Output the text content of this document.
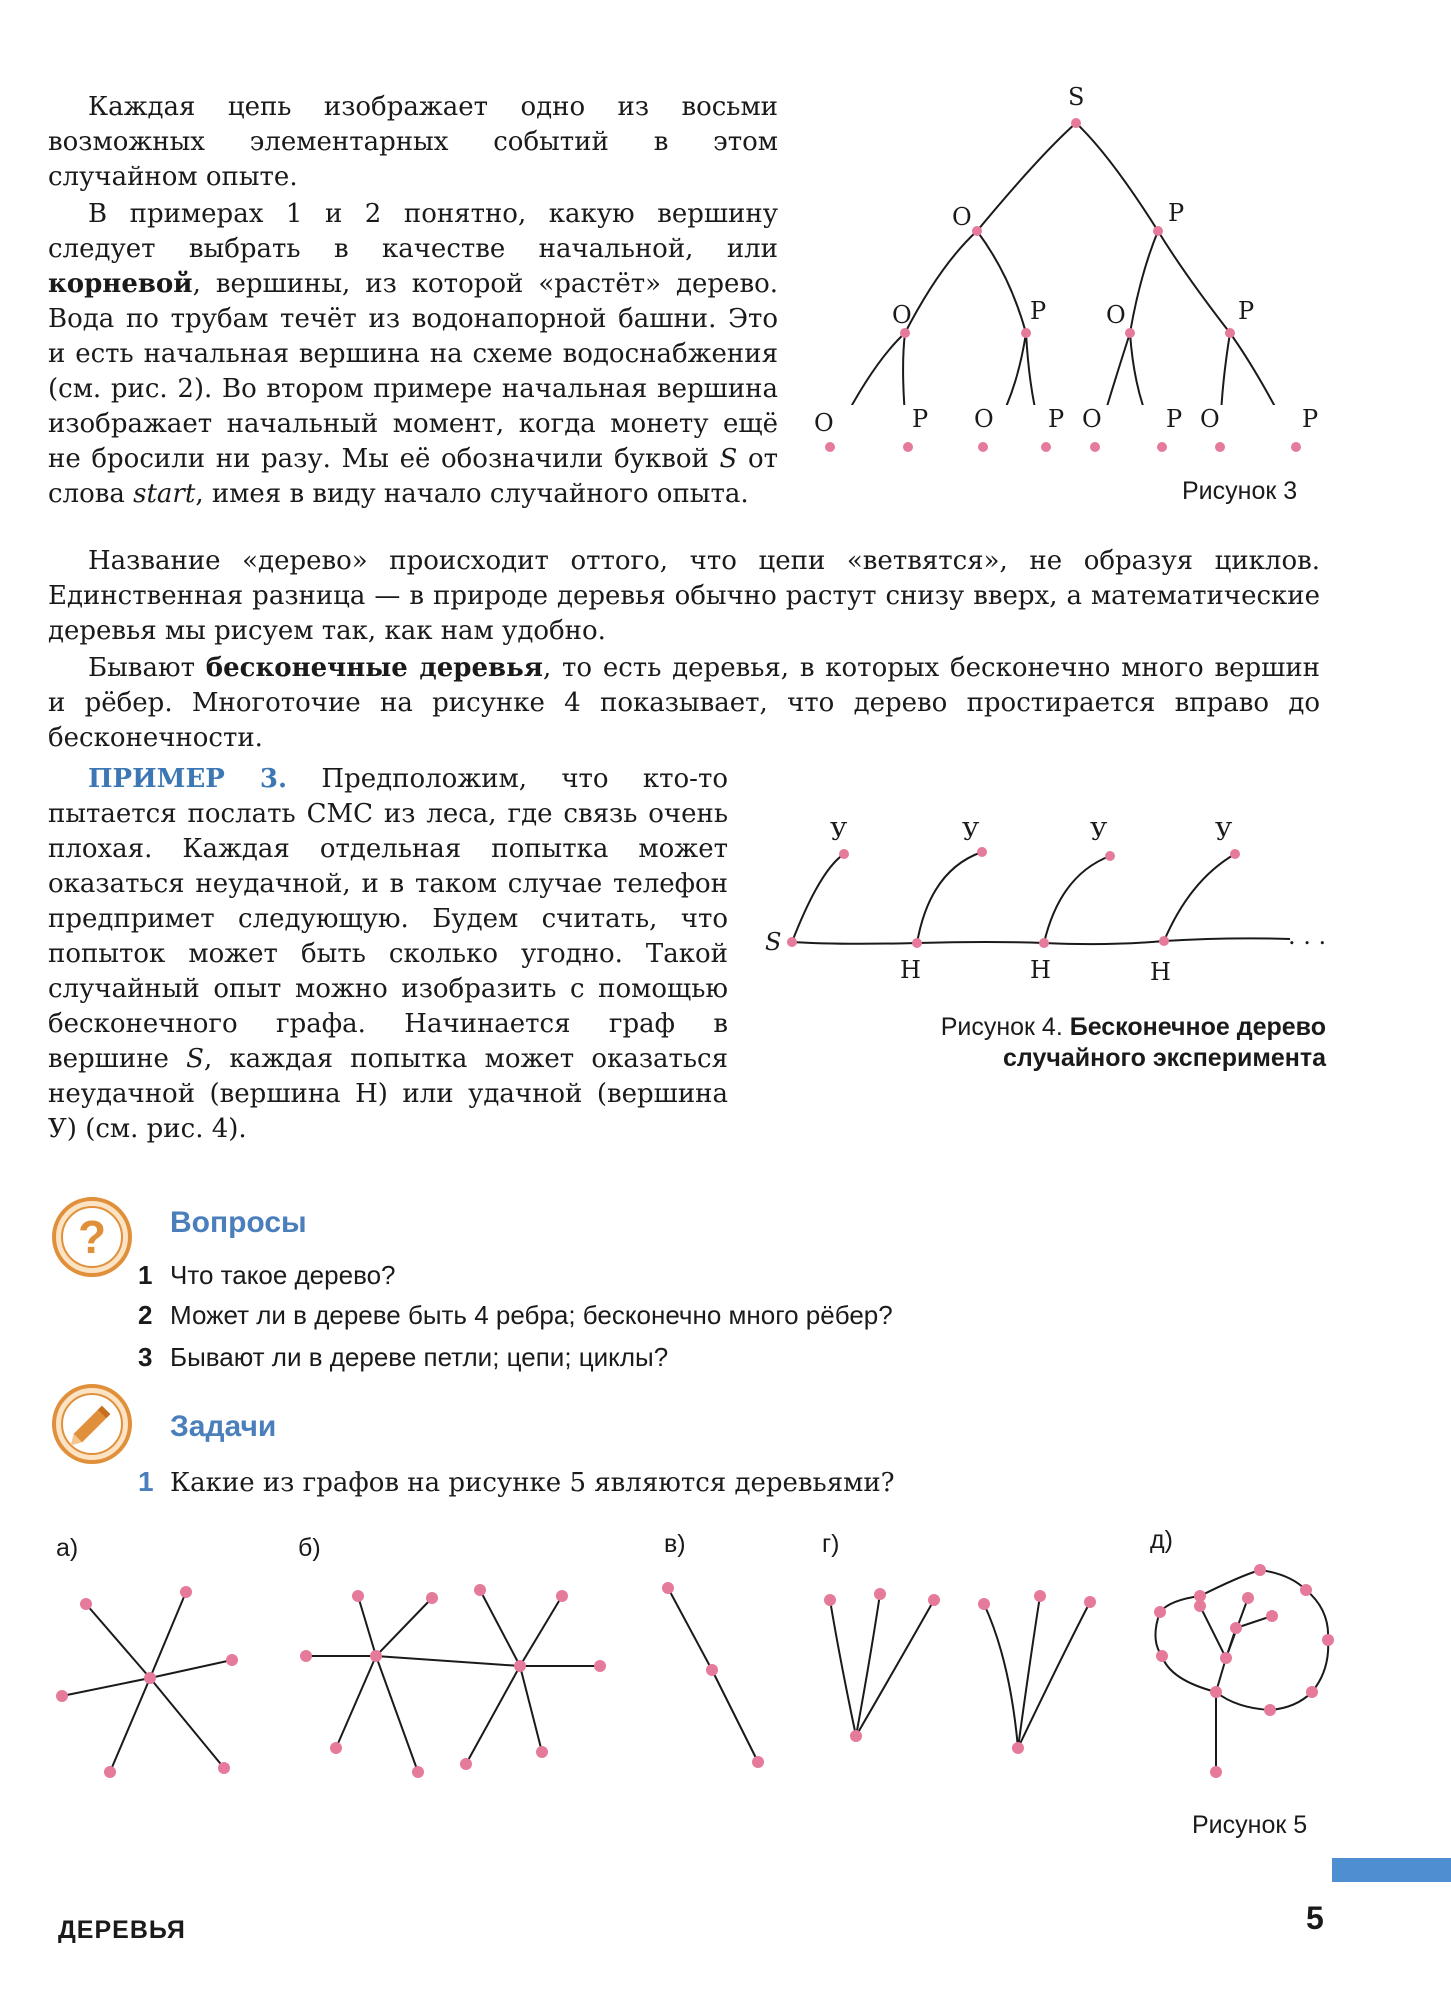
Каждая цепь изображает одно из восьми возможных элементарных событий в этом случайном опыте.

В примерах 1 и 2 понятно, какую вершину следует выбрать в качестве начальной, или корневой, вершины, из которой «растёт» дерево. Вода по трубам течёт из водонапорной башни. Это и есть начальная вершина на схеме водоснабжения (см. рис. 2). Во втором примере начальная вершина изображает начальный момент, когда монету ещё не бросили ни разу. Мы её обозначили буквой S от слова start, имея в виду начало случайного опыта.

S
О	Р
О	Р О	Р
О	Р О Р О	Р О	Р
Рисунок 3

Название «дерево» происходит оттого, что цепи «ветвятся», не образуя циклов. Единственная разница — в природе деревья обычно растут снизу вверх, а математические деревья мы рисуем так, как нам удобно.

Бывают бесконечные деревья, то есть деревья, в которых бесконечно много вершин и рёбер. Многоточие на рисунке 4 показывает, что дерево простирается вправо до бесконечности.

ПРИМЕР 3. Предположим, что кто-то пытается послать СМС из леса, где связь очень плохая. Каждая отдельная попытка может оказаться неудачной, и в таком случае телефон предпримет следующую. Будем считать, что попыток может быть сколько угодно. Такой случайный опыт можно изобразить с помощью бесконечного графа. Начинается граф в вершине S, каждая попытка может оказаться неудачной (вершина Н) или удачной (вершина У) (см. рис. 4).

S
У	У	У	У
Н	Н	Н
. . .
Рисунок 4. Бесконечное дерево случайного эксперимента
? Вопросы
1 Что такое дерево?
2 Может ли в дереве быть 4 ребра; бесконечно много рёбер?
3 Бывают ли в дереве петли; цепи; циклы?
Задачи
1 Какие из графов на рисунке 5 являются деревьями?
а)	б)	в)	г)	д)
Рисунок 5
ДЕРЕВЬЯ	5
